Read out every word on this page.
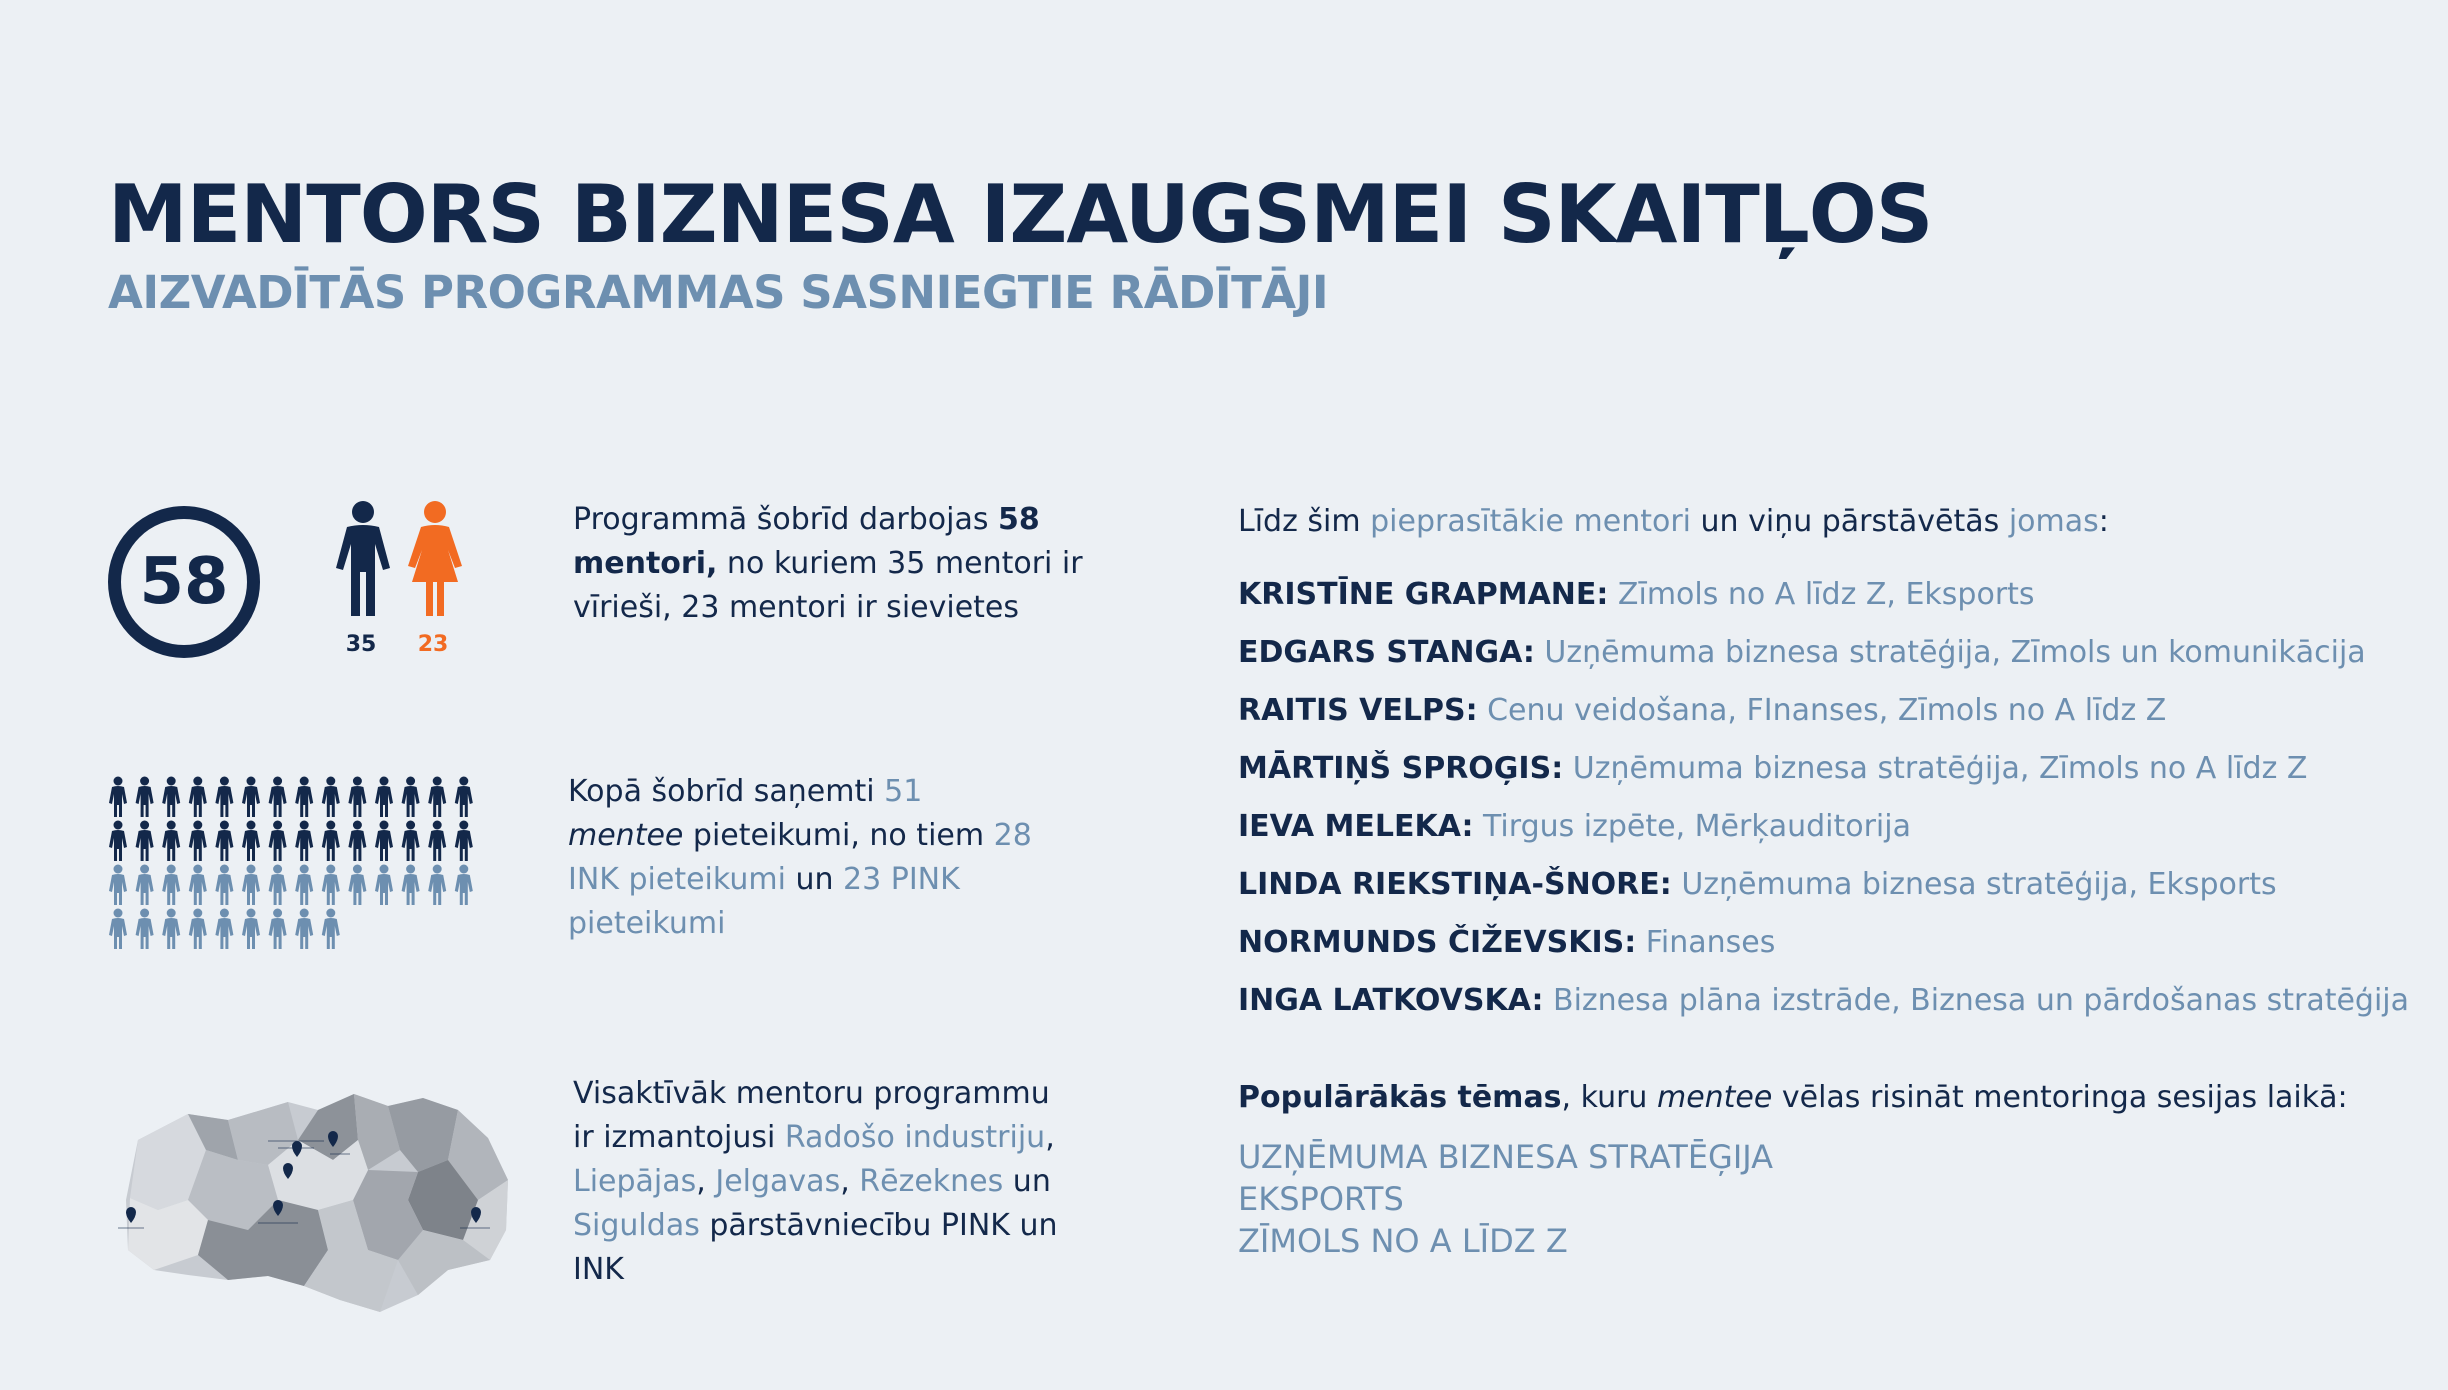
MENTORS BIZNESA IZAUGSMEI SKAITĻOS
AIZVADĪTĀS PROGRAMMAS SASNIEGTIE RĀDĪTĀJI
58
35	23
Programmā šobrīd darbojas 58 mentori, no kuriem 35 mentori ir vīrieši, 23 mentori ir sievietes
Kopā šobrīd saņemti 51 mentee pieteikumi, no tiem 28 INK pieteikumi un 23 PINK pieteikumi
Visaktīvāk mentoru programmu ir izmantojusi Radošo industriju, Liepājas, Jelgavas, Rēzeknes un Siguldas pārstāvniecību PINK un INK
Līdz šim pieprasītākie mentori un viņu pārstāvētās jomas:
KRISTĪNE GRAPMANE: Zīmols no A līdz Z, Eksports
EDGARS STANGA: Uzņēmuma biznesa stratēģija, Zīmols un komunikācija
RAITIS VELPS: Cenu veidošana, FInanses, Zīmols no A līdz Z
MĀRTIŅŠ SPROĢIS: Uzņēmuma biznesa stratēģija, Zīmols no A līdz Z
IEVA MELEKA: Tirgus izpēte, Mērķauditorija
LINDA RIEKSTIŅA-ŠNORE: Uzņēmuma biznesa stratēģija, Eksports
NORMUNDS ČIŽEVSKIS: Finanses
INGA LATKOVSKA: Biznesa plāna izstrāde, Biznesa un pārdošanas stratēģija
Populārākās tēmas, kuru mentee vēlas risināt mentoringa sesijas laikā:
UZŅĒMUMA BIZNESA STRATĒĢIJA
EKSPORTS
ZĪMOLS NO A LĪDZ Z
